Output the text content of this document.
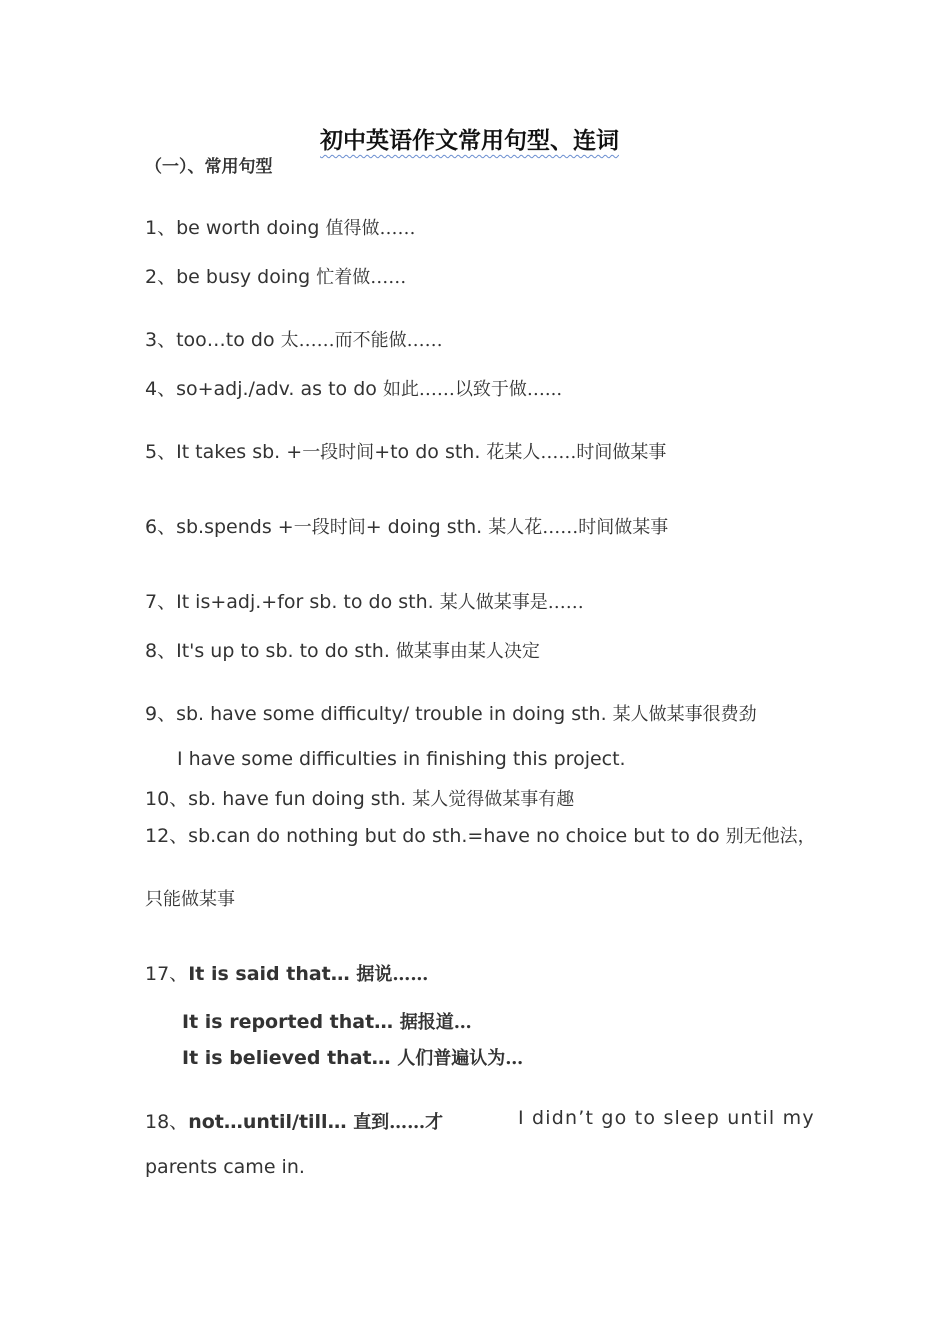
初中英语作文常用句型、连词
（一）、常用句型
1、be worth doing 值得做……
2、be busy doing 忙着做……
3、too…to do 太……而不能做……
4、so+adj./adv. as to do 如此……以致于做…...
5、It takes sb. +一段时间+to do sth. 花某人……时间做某事
6、sb.spends +一段时间+ doing sth. 某人花……时间做某事
7、It is+adj.+for sb. to do sth. 某人做某事是……
8、It's up to sb. to do sth. 做某事由某人决定
9、sb. have some difficulty/ trouble in doing sth. 某人做某事很费劲
I have some difficulties in finishing this project.
10、sb. have fun doing sth. 某人觉得做某事有趣
12、sb.can do nothing but do sth.=have no choice but to do 别无他法，
只能做某事
17、It is said that… 据说……
It is reported that… 据报道…
It is believed that… 人们普遍认为…
18、not…until/till… 直到……才	I didn’t go to sleep until my
parents came in.
